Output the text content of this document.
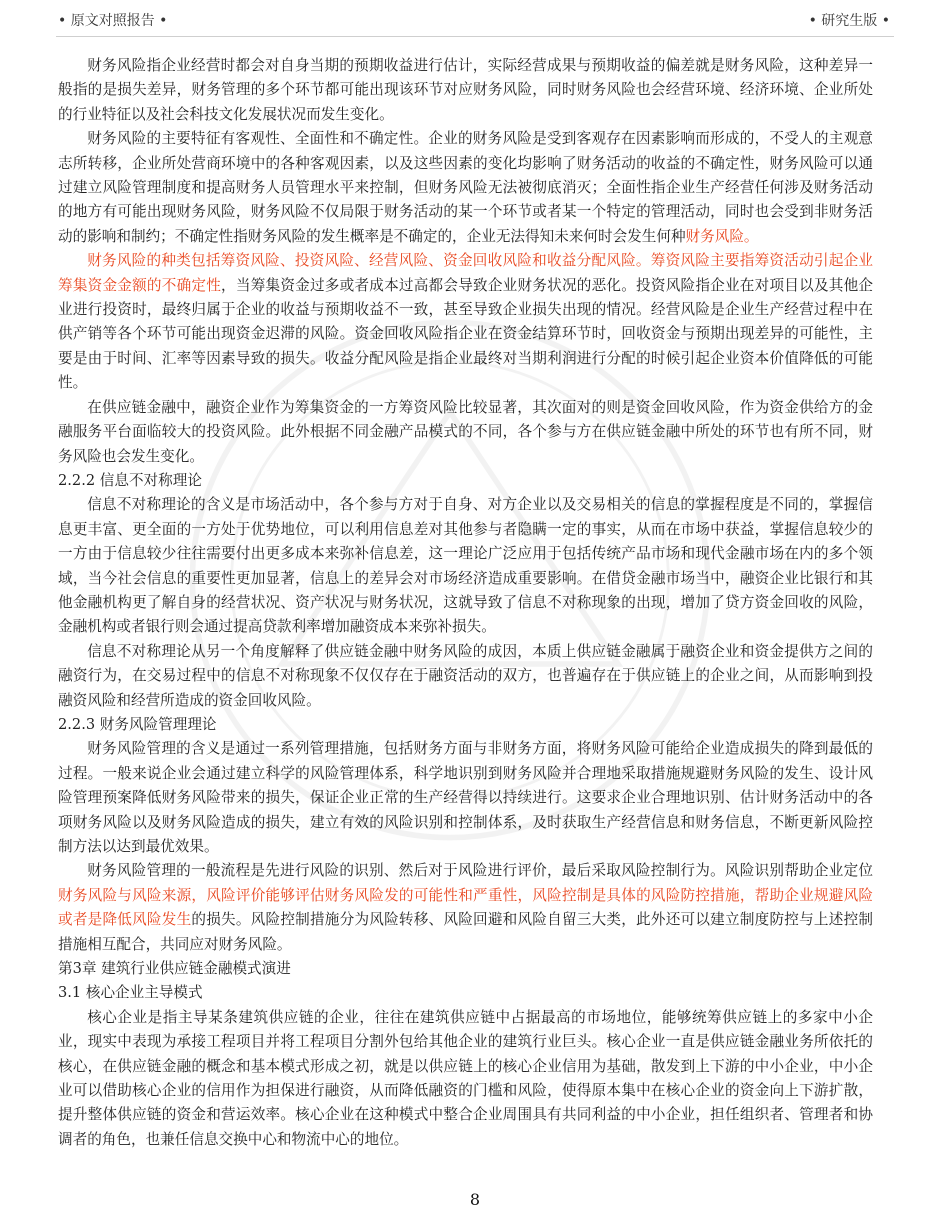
• 原文对照报告 •	• 研究生版 •

财务风险指企业经营时都会对自身当期的预期收益进行估计，实际经营成果与预期收益的偏差就是财务风险，这种差异一般指的是损失差异，财务管理的多个环节都可能出现该环节对应财务风险，同时财务风险也会经营环境、经济环境、企业所处的行业特征以及社会科技文化发展状况而发生变化。

财务风险的主要特征有客观性、全面性和不确定性。企业的财务风险是受到客观存在因素影响而形成的，不受人的主观意志所转移，企业所处营商环境中的各种客观因素，以及这些因素的变化均影响了财务活动的收益的不确定性，财务风险可以通过建立风险管理制度和提高财务人员管理水平来控制，但财务风险无法被彻底消灭；全面性指企业生产经营任何涉及财务活动的地方有可能出现财务风险，财务风险不仅局限于财务活动的某一个环节或者某一个特定的管理活动，同时也会受到非财务活动的影响和制约；不确定性指财务风险的发生概率是不确定的，企业无法得知未来何时会发生何种财务风险。

财务风险的种类包括筹资风险、投资风险、经营风险、资金回收风险和收益分配风险。筹资风险主要指筹资活动引起企业筹集资金金额的不确定性，当筹集资金过多或者成本过高都会导致企业财务状况的恶化。投资风险指企业在对项目以及其他企业进行投资时，最终归属于企业的收益与预期收益不一致，甚至导致企业损失出现的情况。经营风险是企业生产经营过程中在供产销等各个环节可能出现资金迟滞的风险。资金回收风险指企业在资金结算环节时，回收资金与预期出现差异的可能性，主要是由于时间、汇率等因素导致的损失。收益分配风险是指企业最终对当期利润进行分配的时候引起企业资本价值降低的可能性。

在供应链金融中，融资企业作为筹集资金的一方筹资风险比较显著，其次面对的则是资金回收风险，作为资金供给方的金融服务平台面临较大的投资风险。此外根据不同金融产品模式的不同，各个参与方在供应链金融中所处的环节也有所不同，财务风险也会发生变化。

2.2.2 信息不对称理论

信息不对称理论的含义是市场活动中，各个参与方对于自身、对方企业以及交易相关的信息的掌握程度是不同的，掌握信息更丰富、更全面的一方处于优势地位，可以利用信息差对其他参与者隐瞒一定的事实，从而在市场中获益，掌握信息较少的一方由于信息较少往往需要付出更多成本来弥补信息差，这一理论广泛应用于包括传统产品市场和现代金融市场在内的多个领域，当今社会信息的重要性更加显著，信息上的差异会对市场经济造成重要影响。在借贷金融市场当中，融资企业比银行和其他金融机构更了解自身的经营状况、资产状况与财务状况，这就导致了信息不对称现象的出现，增加了贷方资金回收的风险，金融机构或者银行则会通过提高贷款利率增加融资成本来弥补损失。

信息不对称理论从另一个角度解释了供应链金融中财务风险的成因，本质上供应链金融属于融资企业和资金提供方之间的融资行为，在交易过程中的信息不对称现象不仅仅存在于融资活动的双方，也普遍存在于供应链上的企业之间，从而影响到投融资风险和经营所造成的资金回收风险。

2.2.3 财务风险管理理论

财务风险管理的含义是通过一系列管理措施，包括财务方面与非财务方面，将财务风险可能给企业造成损失的降到最低的过程。一般来说企业会通过建立科学的风险管理体系，科学地识别到财务风险并合理地采取措施规避财务风险的发生、设计风险管理预案降低财务风险带来的损失，保证企业正常的生产经营得以持续进行。这要求企业合理地识别、估计财务活动中的各项财务风险以及财务风险造成的损失，建立有效的风险识别和控制体系，及时获取生产经营信息和财务信息，不断更新风险控制方法以达到最优效果。

财务风险管理的一般流程是先进行风险的识别、然后对于风险进行评价，最后采取风险控制行为。风险识别帮助企业定位财务风险与风险来源，风险评价能够评估财务风险发的可能性和严重性，风险控制是具体的风险防控措施，帮助企业规避风险或者是降低风险发生的损失。风险控制措施分为风险转移、风险回避和风险自留三大类，此外还可以建立制度防控与上述控制措施相互配合，共同应对财务风险。

第3章 建筑行业供应链金融模式演进

3.1 核心企业主导模式

核心企业是指主导某条建筑供应链的企业，往往在建筑供应链中占据最高的市场地位，能够统筹供应链上的多家中小企业，现实中表现为承接工程项目并将工程项目分割外包给其他企业的建筑行业巨头。核心企业一直是供应链金融业务所依托的核心，在供应链金融的概念和基本模式形成之初，就是以供应链上的核心企业信用为基础，散发到上下游的中小企业，中小企业可以借助核心企业的信用作为担保进行融资，从而降低融资的门槛和风险，使得原本集中在核心企业的资金向上下游扩散，提升整体供应链的资金和营运效率。核心企业在这种模式中整合企业周围具有共同利益的中小企业，担任组织者、管理者和协调者的角色，也兼任信息交换中心和物流中心的地位。

8
